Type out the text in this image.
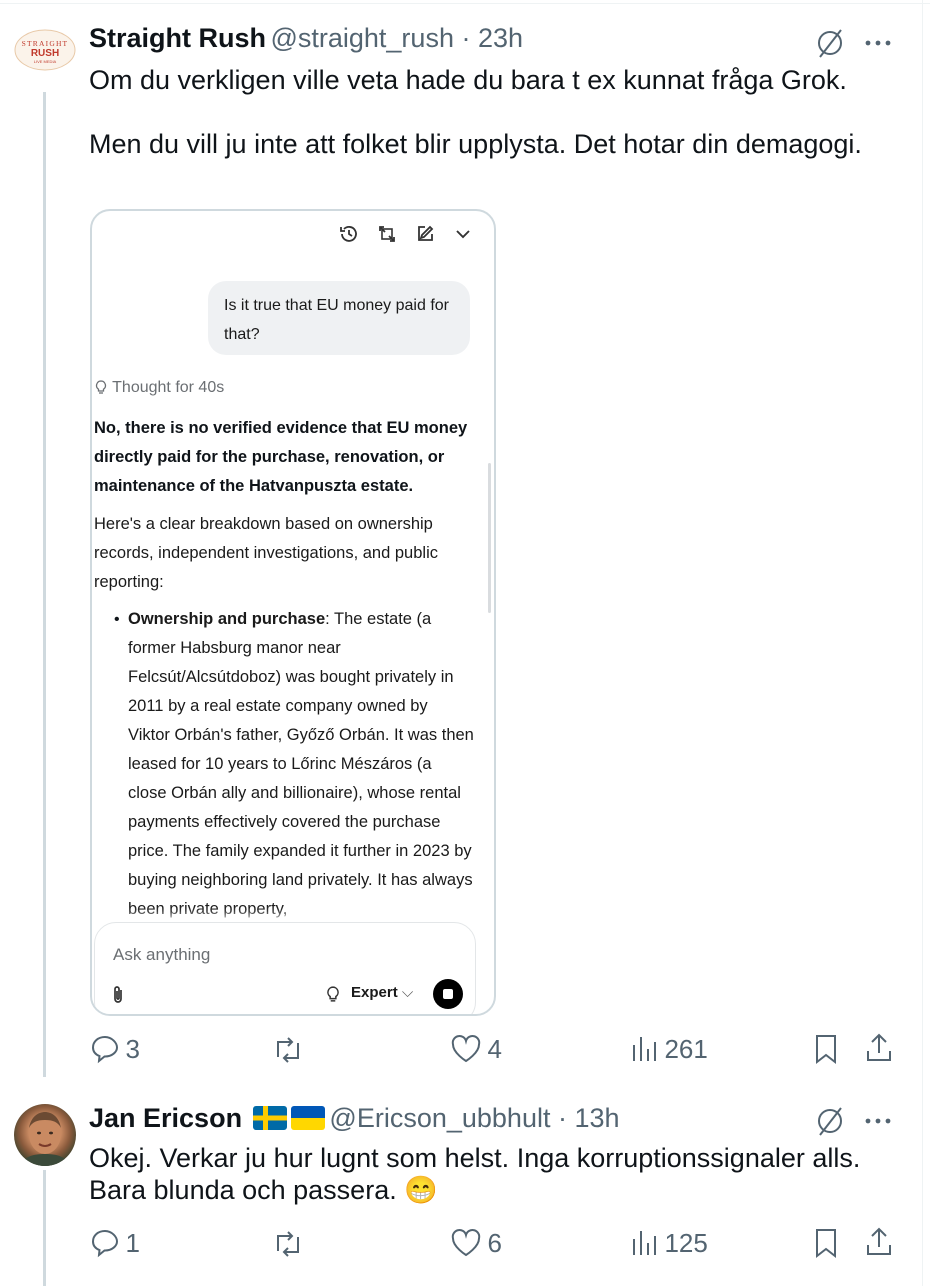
STRAIGHT
RUSH
LIVE MEDIA
Straight Rush @straight_rush · 23h
Om du verkligen ville veta hade du bara t ex kunnat fråga Grok.

Men du vill ju inte att folket blir upplysta. Det hotar din demagogi.
Is it true that EU money paid for that?
Thought for 40s
No, there is no verified evidence that EU money directly paid for the purchase, renovation, or maintenance of the Hatvanpuszta estate.
Here's a clear breakdown based on ownership records, independent investigations, and public reporting:
• Ownership and purchase: The estate (a former Habsburg manor near Felcsút/Alcsútdoboz) was bought privately in 2011 by a real estate company owned by Viktor Orbán's father, Győző Orbán. It was then leased for 10 years to Lőrinc Mészáros (a close Orbán ally and billionaire), whose rental payments effectively covered the purchase price. The family expanded it further in 2023 by buying neighboring land privately. It has always been private property,
Ask anything
Expert ⌵
3	4	261
Jan Ericson	@Ericson_ubbhult · 13h
Okej. Verkar ju hur lugnt som helst. Inga korruptionssignaler alls. Bara blunda och passera. 😁
1	6	125
